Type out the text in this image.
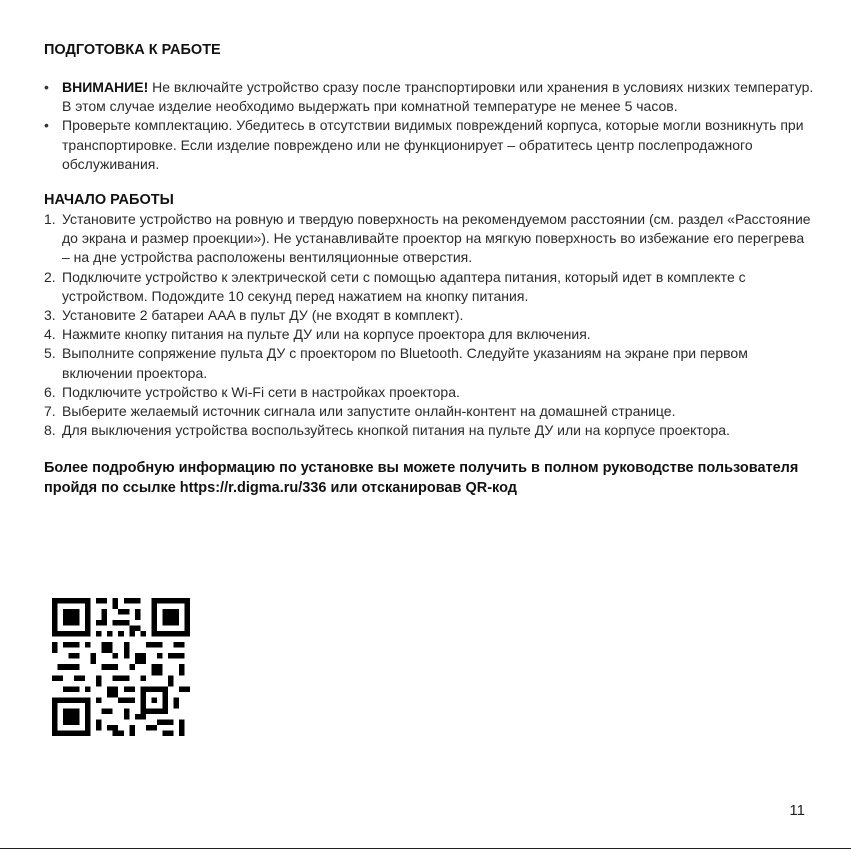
ПОДГОТОВКА К РАБОТЕ
• ВНИМАНИЕ! Не включайте устройство сразу после транспортировки или хранения в условиях низких температур. В этом случае изделие необходимо выдержать при комнатной температуре не менее 5 часов.
• Проверьте комплектацию. Убедитесь в отсутствии видимых повреждений корпуса, которые могли возникнуть при транспортировке. Если изделие повреждено или не функционирует – обратитесь центр послепродажного обслуживания.
НАЧАЛО РАБОТЫ
1. Установите устройство на ровную и твердую поверхность на рекомендуемом расстоянии (см. раздел «Расстояние до экрана и размер проекции»). Не устанавливайте проектор на мягкую поверхность во избежание его перегрева – на дне устройства расположены вентиляционные отверстия.
2. Подключите устройство к электрической сети с помощью адаптера питания, который идет в комплекте с устройством. Подождите 10 секунд перед нажатием на кнопку питания.
3. Установите 2 батареи AAA в пульт ДУ (не входят в комплект).
4. Нажмите кнопку питания на пульте ДУ или на корпусе проектора для включения.
5. Выполните сопряжение пульта ДУ с проектором по Bluetooth. Следуйте указаниям на экране при первом включении проектора.
6. Подключите устройство к Wi-Fi сети в настройках проектора.
7. Выберите желаемый источник сигнала или запустите онлайн-контент на домашней странице.
8. Для выключения устройства воспользуйтесь кнопкой питания на пульте ДУ или на корпусе проектора.

Более подробную информацию по установке вы можете получить в полном руководстве пользователя пройдя по ссылке https://r.digma.ru/336 или отсканировав QR-код

11
